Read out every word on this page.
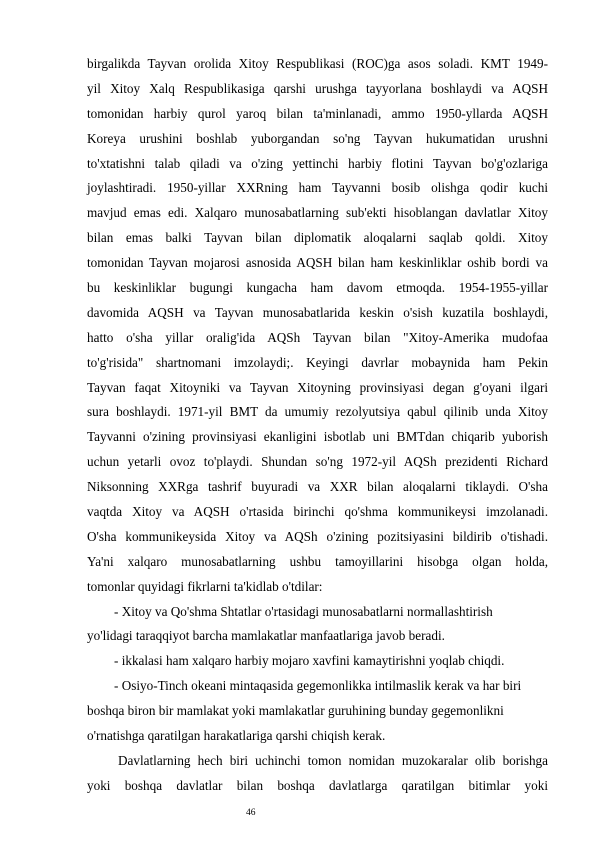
birgalikda Tayvan orolida Xitoy Respublikasi (ROC)ga asos soladi. KMT 1949-
yil Xitoy Xalq Respublikasiga qarshi urushga tayyorlana boshlaydi va AQSH
tomonidan harbiy qurol yaroq bilan ta'minlanadi, ammo 1950-yllarda AQSH
Koreya urushini boshlab yuborgandan so'ng Tayvan hukumatidan urushni
to'xtatishni talab qiladi va o'zing yettinchi harbiy flotini Tayvan bo'g'ozlariga
joylashtiradi. 1950-yillar XXRning ham Tayvanni bosib olishga qodir kuchi
mavjud emas edi. Xalqaro munosabatlarning sub'ekti hisoblangan davlatlar Xitoy
bilan emas balki Tayvan bilan diplomatik aloqalarni saqlab qoldi. Xitoy
tomonidan Tayvan mojarosi asnosida AQSH bilan ham keskinliklar oshib bordi va
bu keskinliklar bugungi kungacha ham davom etmoqda. 1954-1955-yillar
davomida AQSH va Tayvan munosabatlarida keskin o'sish kuzatila boshlaydi,
hatto o'sha yillar oralig'ida AQSh Tayvan bilan "Xitoy-Amerika mudofaa
to'g'risida" shartnomani imzolaydi;. Keyingi davrlar mobaynida ham Pekin
Tayvan faqat Xitoyniki va Tayvan Xitoyning provinsiyasi degan g'oyani ilgari
sura boshlaydi. 1971-yil BMT da umumiy rezolyutsiya qabul qilinib unda Xitoy
Tayvanni o'zining provinsiyasi ekanligini isbotlab uni BMTdan chiqarib yuborish
uchun yetarli ovoz to'playdi. Shundan so'ng 1972-yil AQSh prezidenti Richard
Niksonning XXRga tashrif buyuradi va XXR bilan aloqalarni tiklaydi. O'sha
vaqtda Xitoy va AQSH o'rtasida birinchi qo'shma kommunikeysi imzolanadi.
O'sha kommunikeysida Xitoy va AQSh o'zining pozitsiyasini bildirib o'tishadi.
Ya'ni xalqaro munosabatlarning ushbu tamoyillarini hisobga olgan holda,
tomonlar quyidagi fikrlarni ta'kidlab o'tdilar:
- Xitoy va Qo'shma Shtatlar o'rtasidagi munosabatlarni normallashtirish
yo'lidagi taraqqiyot barcha mamlakatlar manfaatlariga javob beradi.
- ikkalasi ham xalqaro harbiy mojaro xavfini kamaytirishni yoqlab chiqdi.
- Osiyo-Tinch okeani mintaqasida gegemonlikka intilmaslik kerak va har biri
boshqa biron bir mamlakat yoki mamlakatlar guruhining bunday gegemonlikni
o'rnatishga qaratilgan harakatlariga qarshi chiqish kerak.
Davlatlarning hech biri uchinchi tomon nomidan muzokaralar olib borishga
yoki boshqa davlatlar bilan boshqa davlatlarga qaratilgan bitimlar yoki
46
